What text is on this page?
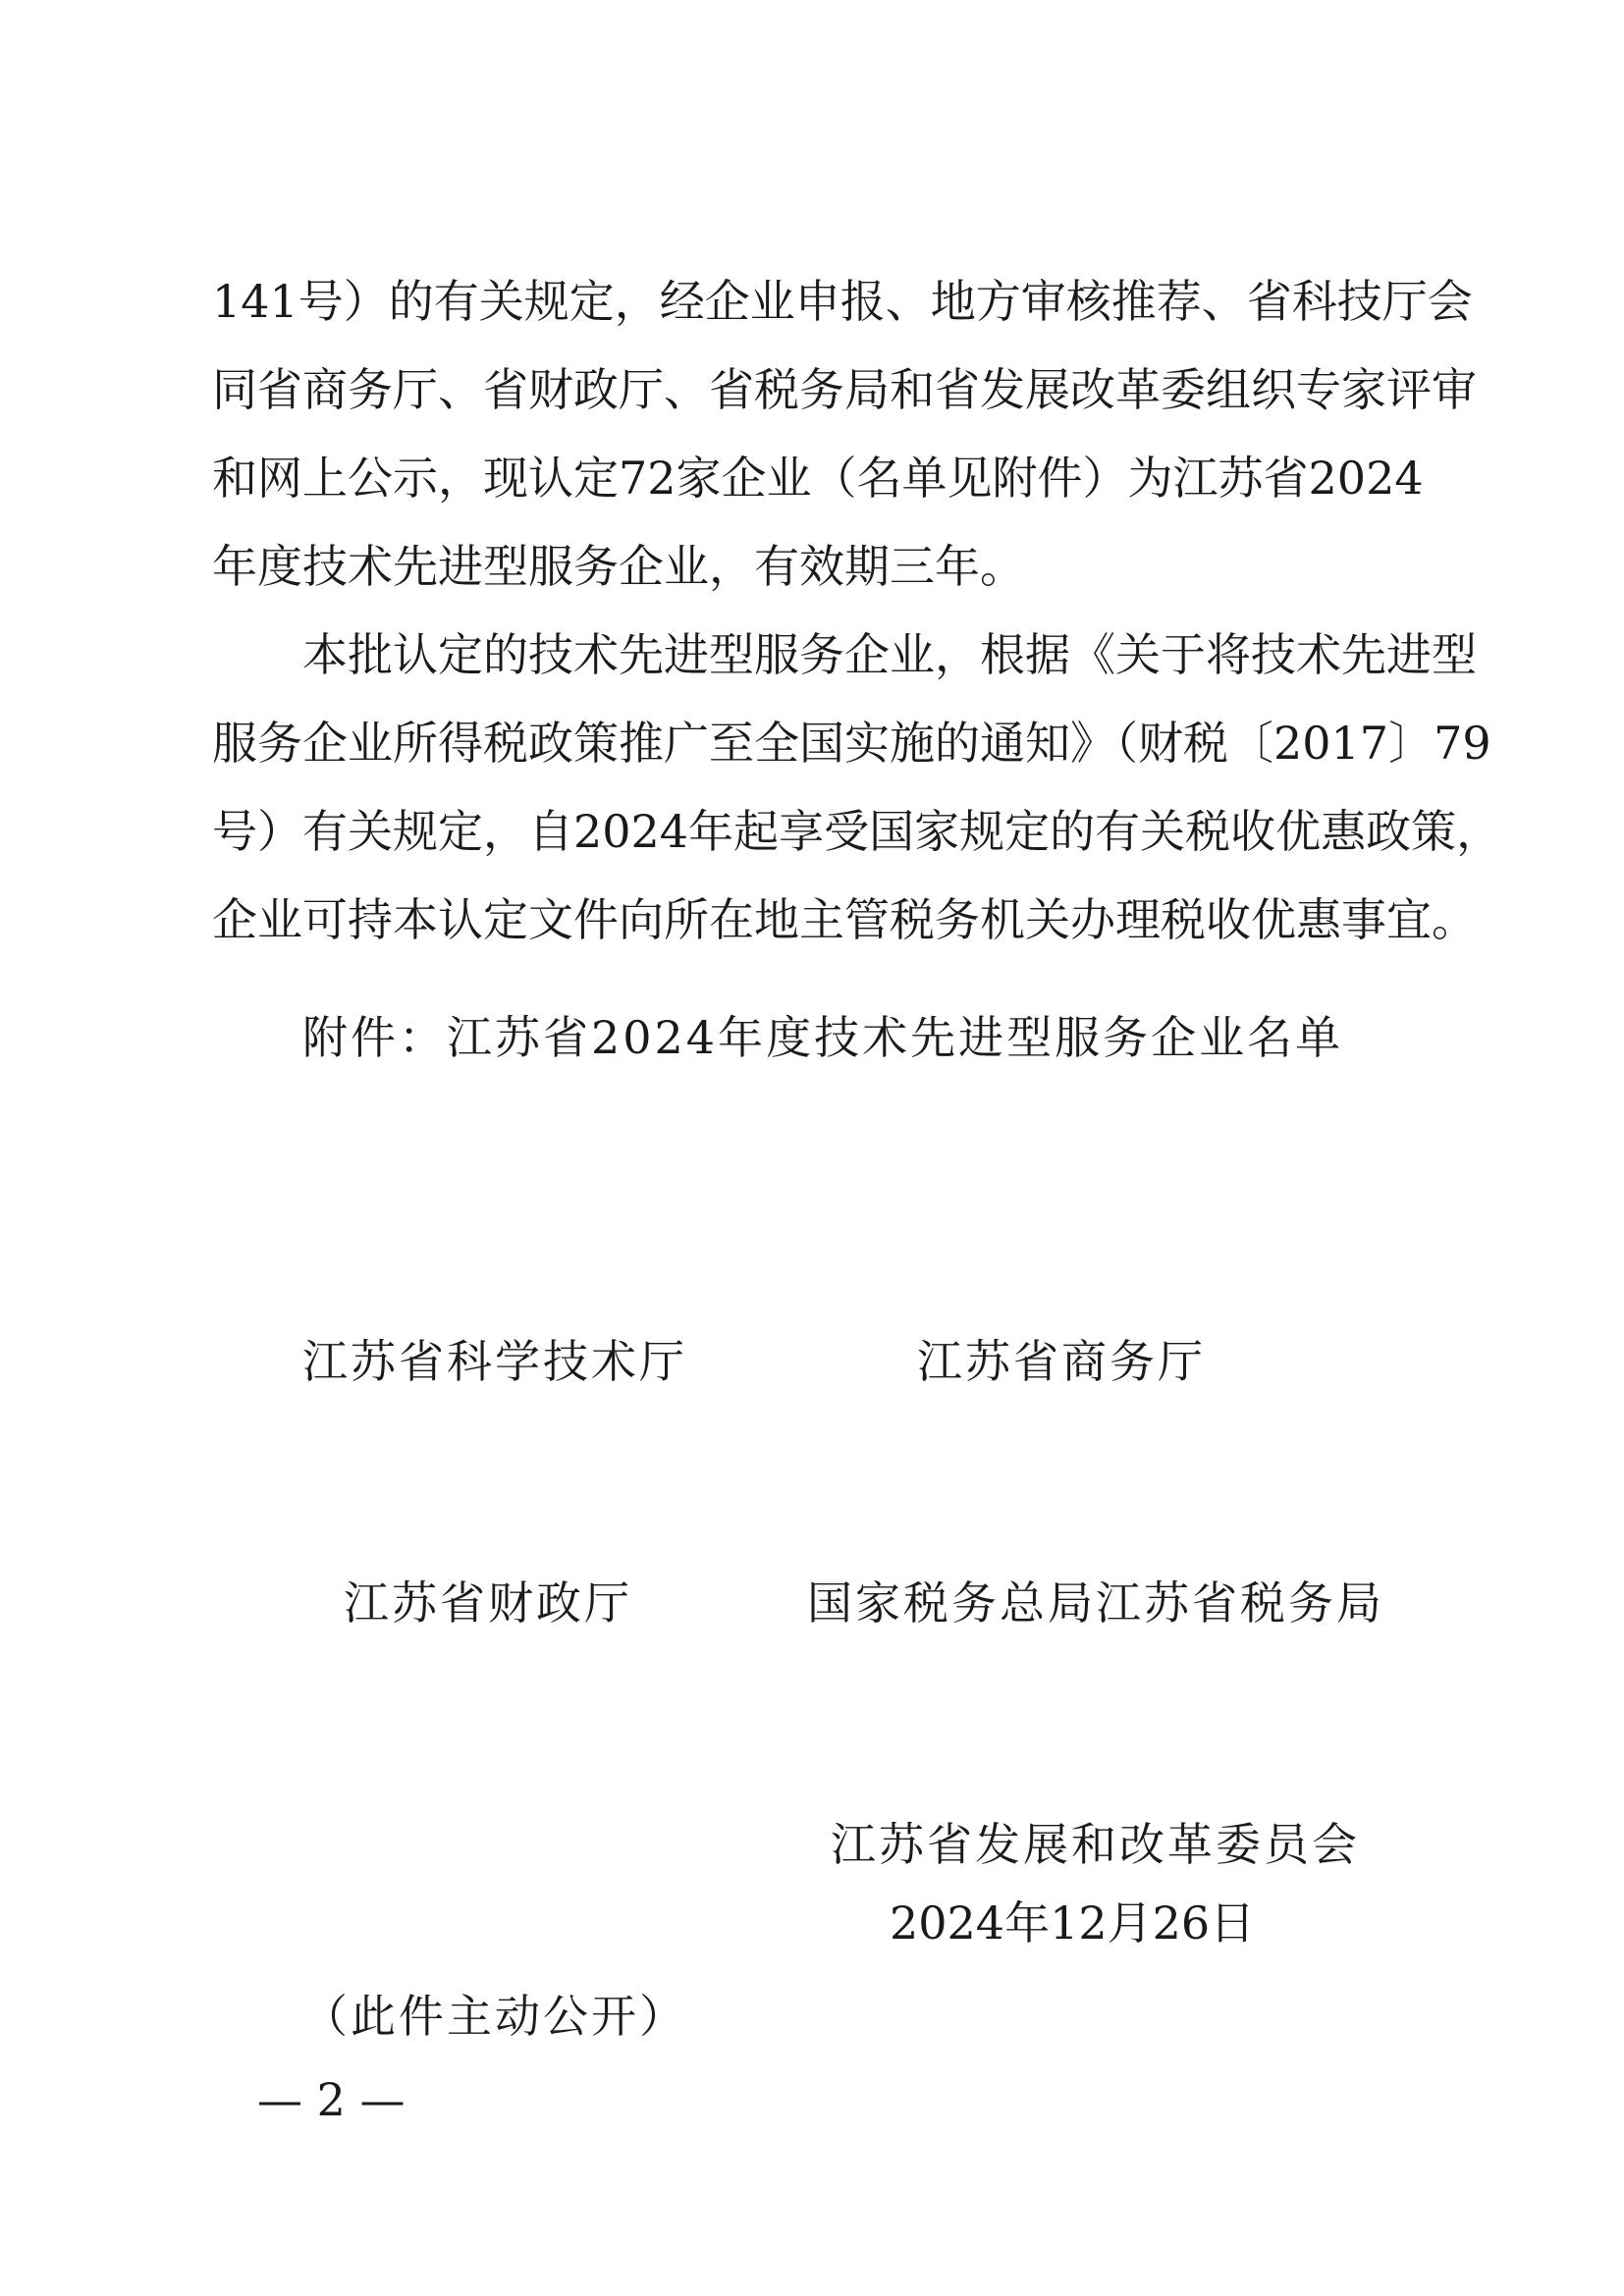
141号）的有关规定，经企业申报、地方审核推荐、省科技厅会
同省商务厅、省财政厅、省税务局和省发展改革委组织专家评审
和网上公示，现认定72家企业（名单见附件）为江苏省2024
年度技术先进型服务企业，有效期三年。
本批认定的技术先进型服务企业，根据《关于将技术先进型
服务企业所得税政策推广至全国实施的通知》（财税〔2017〕79
号）有关规定，自2024年起享受国家规定的有关税收优惠政策，
企业可持本认定文件向所在地主管税务机关办理税收优惠事宜。
附件：江苏省2024年度技术先进型服务企业名单
江苏省科学技术厅	江苏省商务厅
江苏省财政厅	国家税务总局江苏省税务局
江苏省发展和改革委员会
2024年12月26日
（此件主动公开）
— 2 —
